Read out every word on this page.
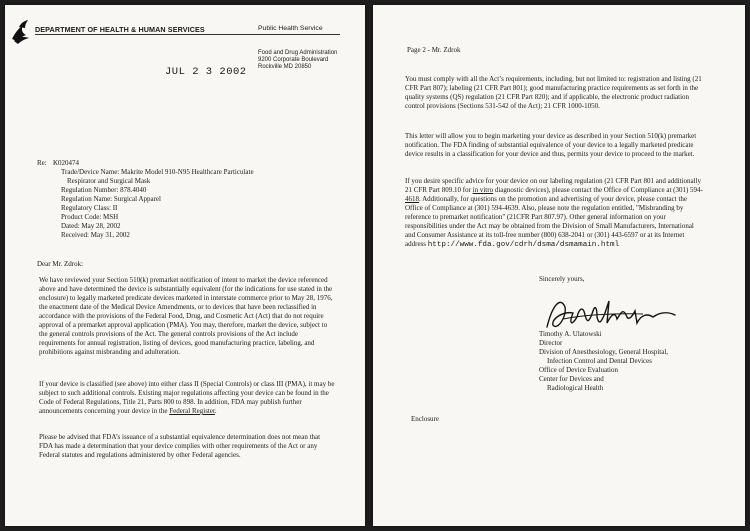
DEPARTMENT OF HEALTH & HUMAN SERVICES	Public Health Service
Food and Drug Administration
9200 Corporate Boulevard
Rockville MD 20850
JUL 2 3 2002
Re: K020474
Trade/Device Name: Makrite Model 910-N95 Healthcare Particulate
Respirator and Surgical Mask
Regulation Number: 878.4040
Regulation Name: Surgical Apparel
Regulatory Class: II
Product Code: MSH
Dated: May 28, 2002
Received: May 31, 2002
Dear Mr. Zdrok:
We have reviewed your Section 510(k) premarket notification of intent to market the device referenced above and have determined the device is substantially equivalent (for the indications for use stated in the enclosure) to legally marketed predicate devices marketed in interstate commerce prior to May 28, 1976, the enactment date of the Medical Device Amendments, or to devices that have been reclassified in accordance with the provisions of the Federal Food, Drug, and Cosmetic Act (Act) that do not require approval of a premarket approval application (PMA). You may, therefore, market the device, subject to the general controls provisions of the Act. The general controls provisions of the Act include requirements for annual registration, listing of devices, good manufacturing practice, labeling, and prohibitions against misbranding and adulteration.
If your device is classified (see above) into either class II (Special Controls) or class III (PMA), it may be subject to such additional controls. Existing major regulations affecting your device can be found in the Code of Federal Regulations, Title 21, Parts 800 to 898. In addition, FDA may publish further announcements concerning your device in the Federal Register.
Please be advised that FDA’s issuance of a substantial equivalence determination does not mean that FDA has made a determination that your device complies with other requirements of the Act or any Federal statutes and regulations administered by other Federal agencies.
Page 2 - Mr. Zdrok
You must comply with all the Act’s requirements, including, but not limited to: registration and listing (21 CFR Part 807); labeling (21 CFR Part 801); good manufacturing practice requirements as set forth in the quality systems (QS) regulation (21 CFR Part 820); and if applicable, the electronic product radiation control provisions (Sections 531-542 of the Act); 21 CFR 1000-1050.
This letter will allow you to begin marketing your device as described in your Section 510(k) premarket notification. The FDA finding of substantial equivalence of your device to a legally marketed predicate device results in a classification for your device and thus, permits your device to proceed to the market.
If you desire specific advice for your device on our labeling regulation (21 CFR Part 801 and additionally 21 CFR Part 809.10 for in vitro diagnostic devices), please contact the Office of Compliance at (301) 594-4618. Additionally, for questions on the promotion and advertising of your device, please contact the Office of Compliance at (301) 594-4639. Also, please note the regulation entitled, "Misbranding by reference to premarket notification" (21CFR Part 807.97). Other general information on your responsibilities under the Act may be obtained from the Division of Small Manufacturers, International and Consumer Assistance at its toll-free number (800) 638-2041 or (301) 443-6597 or at its Internet address http://www.fda.gov/cdrh/dsma/dsmamain.html
Sincerely yours,
Timothy A. Ulatowski
Director
Division of Anesthesiology, General Hospital,
Infection Control and Dental Devices
Office of Device Evaluation
Center for Devices and
Radiological Health
Enclosure
